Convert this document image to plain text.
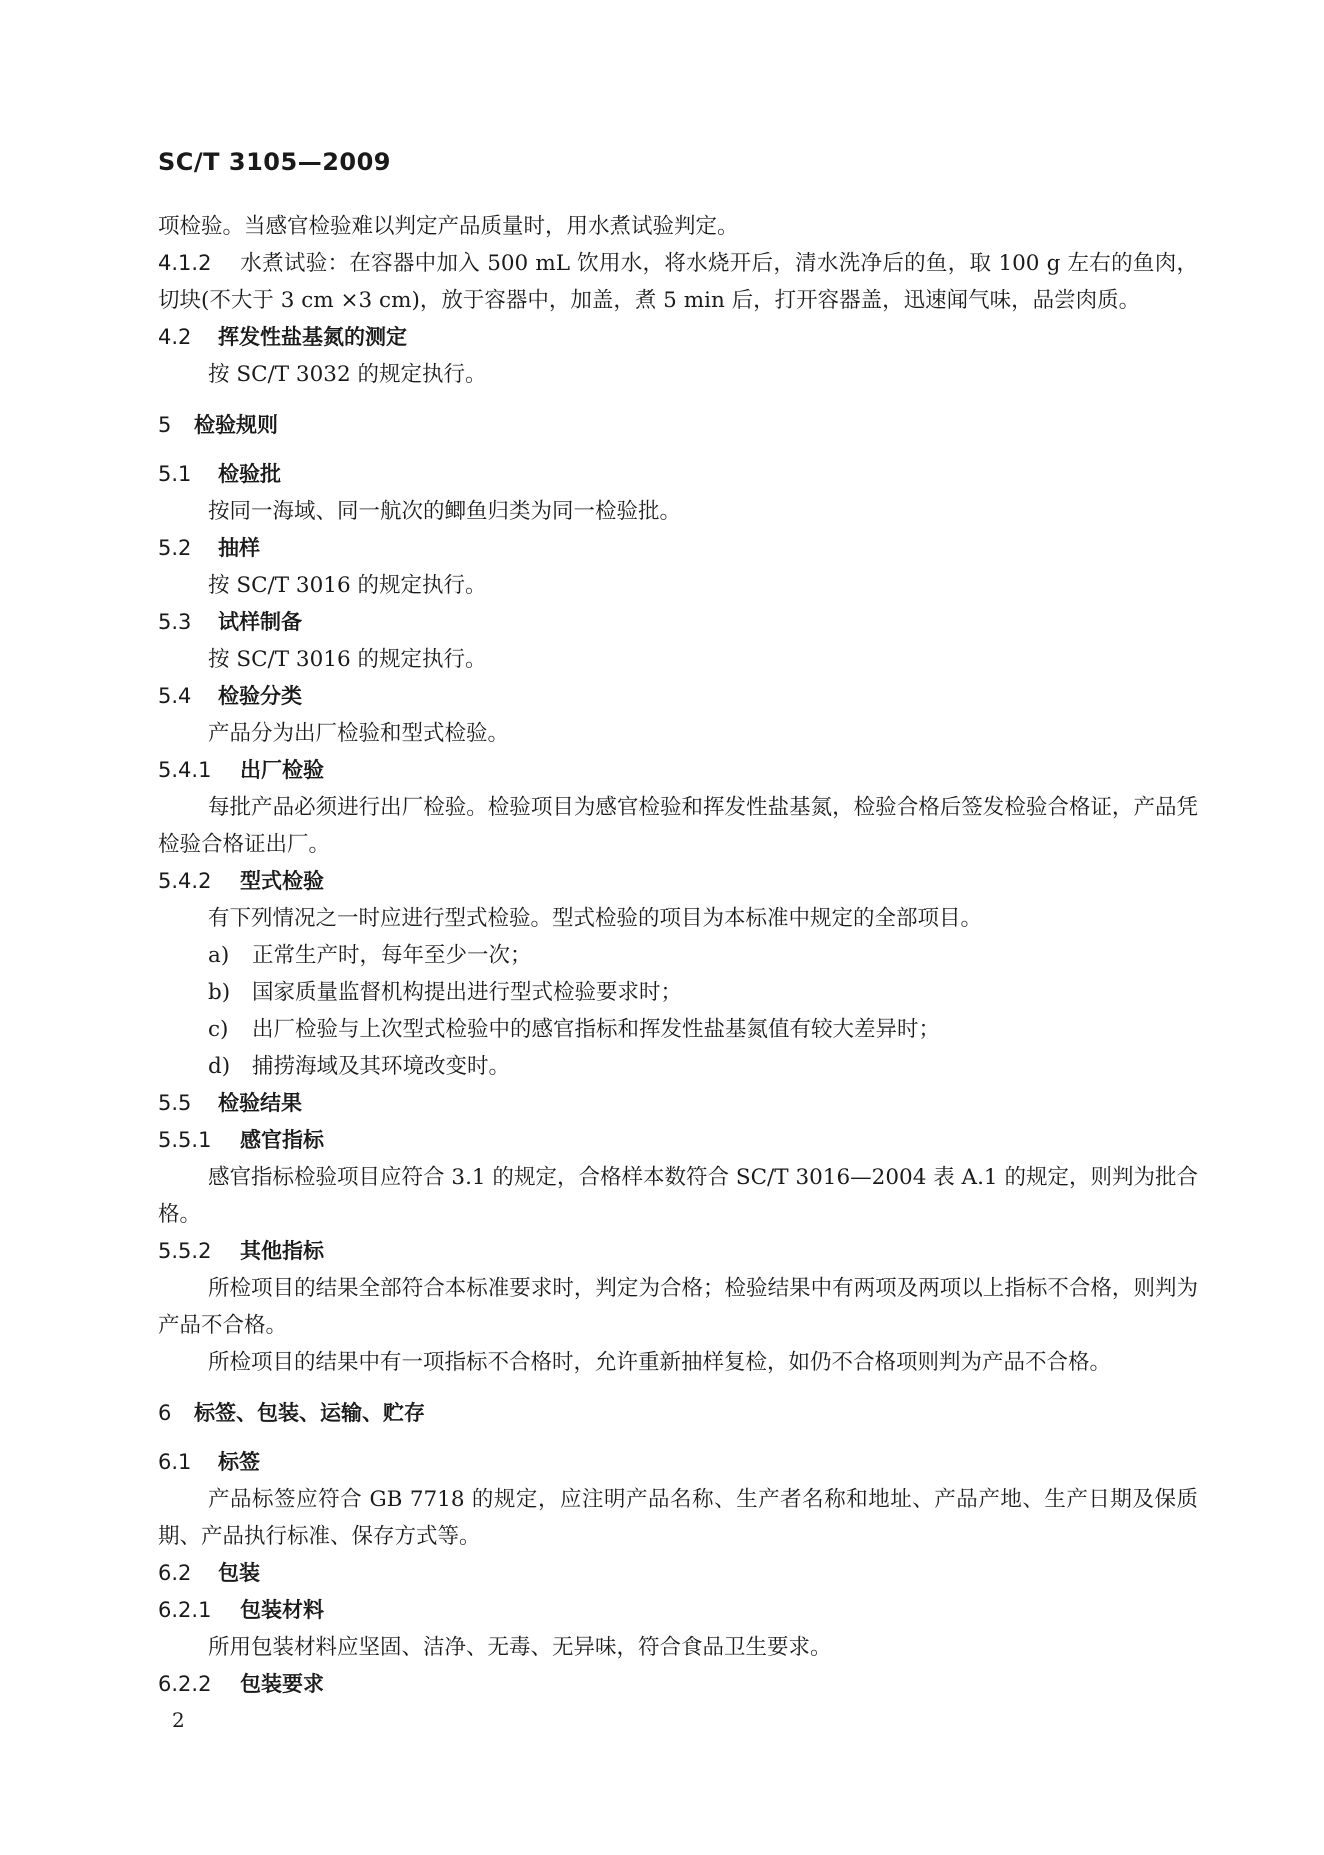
SC/T 3105—2009

项检验。当感官检验难以判定产品质量时，用水煮试验判定。

4.1.2 水煮试验：在容器中加入 500 mL 饮用水，将水烧开后，清水洗净后的鱼，取 100 g 左右的鱼肉，切块(不大于 3 cm ×3 cm)，放于容器中，加盖，煮 5 min 后，打开容器盖，迅速闻气味，品尝肉质。

4.2	挥发性盐基氮的测定

按 SC/T 3032 的规定执行。

5	检验规则
5.1	检验批

按同一海域、同一航次的鲫鱼归类为同一检验批。

5.2	抽样

按 SC/T 3016 的规定执行。

5.3	试样制备

按 SC/T 3016 的规定执行。

5.4	检验分类

产品分为出厂检验和型式检验。

5.4.1	出厂检验

每批产品必须进行出厂检验。检验项目为感官检验和挥发性盐基氮，检验合格后签发检验合格证，产品凭检验合格证出厂。

5.4.2	型式检验

有下列情况之一时应进行型式检验。型式检验的项目为本标准中规定的全部项目。

a)	正常生产时，每年至少一次；
b)	国家质量监督机构提出进行型式检验要求时；
c)	出厂检验与上次型式检验中的感官指标和挥发性盐基氮值有较大差异时；
d)	捕捞海域及其环境改变时。
5.5	检验结果
5.5.1	感官指标

感官指标检验项目应符合 3.1 的规定，合格样本数符合 SC/T 3016—2004 表 A.1 的规定，则判为批合格。

5.5.2	其他指标

所检项目的结果全部符合本标准要求时，判定为合格；检验结果中有两项及两项以上指标不合格，则判为产品不合格。

所检项目的结果中有一项指标不合格时，允许重新抽样复检，如仍不合格项则判为产品不合格。

6	标签、包装、运输、贮存
6.1	标签

产品标签应符合 GB 7718 的规定，应注明产品名称、生产者名称和地址、产品产地、生产日期及保质期、产品执行标准、保存方式等。

6.2	包装
6.2.1	包装材料

所用包装材料应坚固、洁净、无毒、无异味，符合食品卫生要求。

6.2.2	包装要求
2
